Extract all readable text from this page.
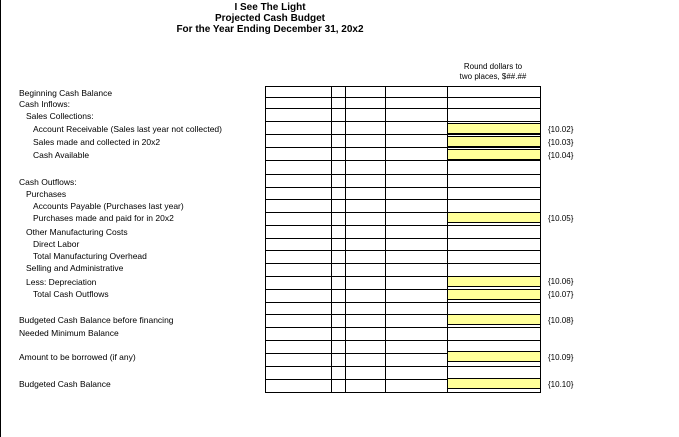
I See The Light
Projected Cash Budget
For the Year Ending December 31, 20x2
Round dollars to
two places, $##.##
Beginning Cash Balance
Cash Inflows:
Sales Collections:
Account Receivable (Sales last year not collected)
Sales made and collected in 20x2
Cash Available
Cash Outflows:
Purchases
Accounts Payable (Purchases last year)
Purchases made and paid for in 20x2
Other Manufacturing Costs
Direct Labor
Total Manufacturing Overhead
Selling and Administrative
Less: Depreciation
Total Cash Outflows
Budgeted Cash Balance before financing
Needed Minimum Balance
Amount to be borrowed (if any)
Budgeted Cash Balance
{10.02}
{10.03}
{10.04}
{10.05}
{10.06}
{10.07}
{10.08}
{10.09}
{10.10}
